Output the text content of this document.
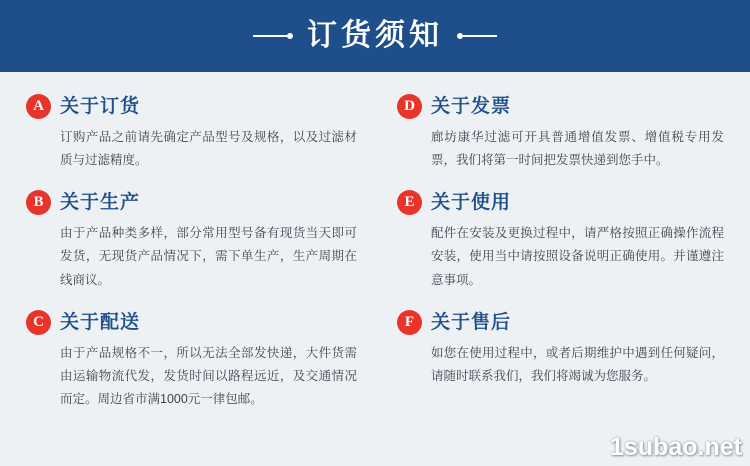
订货须知
A 关于订货
订购产品之前请先确定产品型号及规格，以及过滤材质与过滤精度。
B 关于生产
由于产品种类多样，部分常用型号备有现货当天即可发货，无现货产品情况下，需下单生产，生产周期在线商议。
C 关于配送
由于产品规格不一，所以无法全部发快递，大件货需由运输物流代发，发货时间以路程远近，及交通情况而定。周边省市满1000元一律包邮。
D 关于发票
廊坊康华过滤可开具普通增值发票、增值税专用发票，我们将第一时间把发票快递到您手中。
E 关于使用
配件在安装及更换过程中，请严格按照正确操作流程安装，使用当中请按照设备说明正确使用。并谨遵注意事项。
F 关于售后
如您在使用过程中，或者后期维护中遇到任何疑问，请随时联系我们，我们将竭诚为您服务。
1subao.net
